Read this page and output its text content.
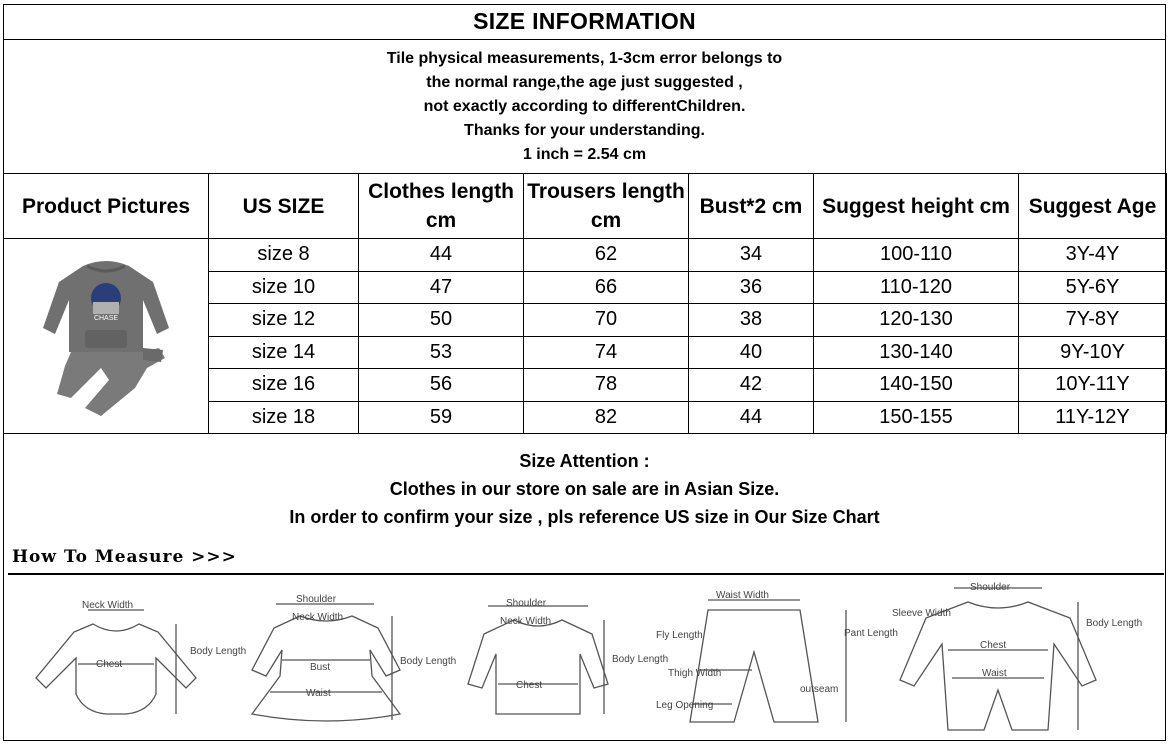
SIZE INFORMATION
Tile physical measurements, 1-3cm error belongs to
the normal range,the age just suggested ,
not exactly according to differentChildren.
Thanks for your understanding.
1 inch = 2.54 cm
Product Pictures	US SIZE	Clothes length cm	Trousers length cm	Bust*2 cm	Suggest height cm	Suggest Age

CHASE	size 8	44	62	34	100-110	3Y-4Y
	size 10	47	66	36	110-120	5Y-6Y
	size 12	50	70	38	120-130	7Y-8Y
	size 14	53	74	40	130-140	9Y-10Y
	size 16	56	78	42	140-150	10Y-11Y
	size 18	59	82	44	150-155	11Y-12Y
Size Attention :
Clothes in our store on sale are in Asian Size.
In order to confirm your size , pls reference US size in Our Size Chart
How To Measure >>>
Neck Width
Chest
Body Length
Shoulder
Neck Width
Bust
Waist
Body Length
Shoulder
Neck Width
Chest
Body Length
Waist Width
Fly Length
Thigh Width
Pant Length
outseam
Leg Opening
Shoulder
Sleeve Width
Chest
Waist
Body Length
